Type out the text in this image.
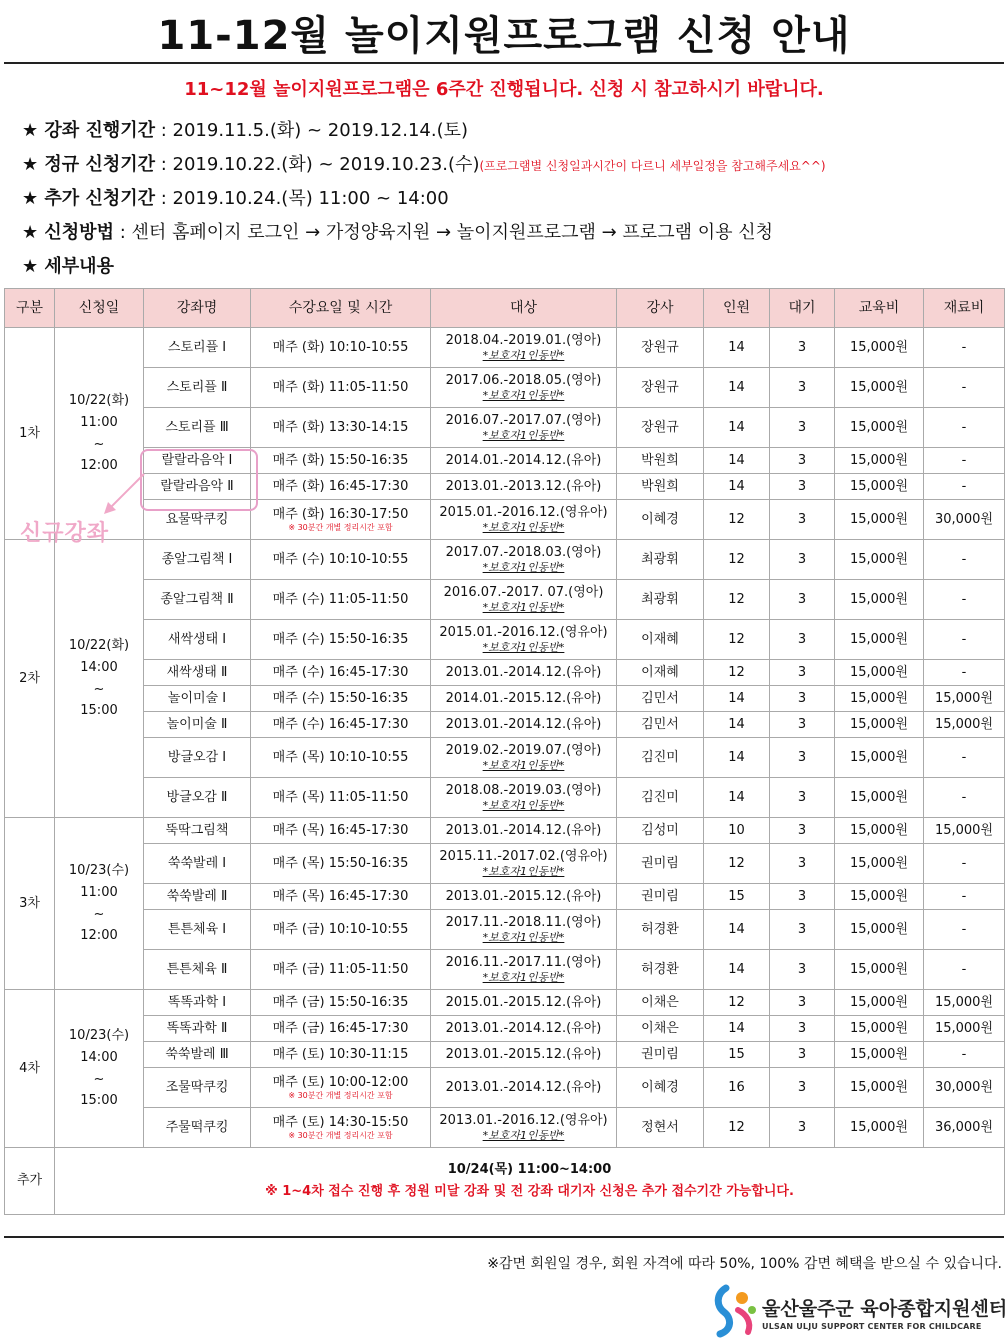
11-12월 놀이지원프로그램 신청 안내
11~12월 놀이지원프로그램은 6주간 진행됩니다. 신청 시 참고하시기 바랍니다.
★ 강좌 진행기간 : 2019.11.5.(화) ~ 2019.12.14.(토)
★ 정규 신청기간 : 2019.10.22.(화) ~ 2019.10.23.(수)(프로그램별 신청일과시간이 다르니 세부일정을 참고해주세요^^)
★ 추가 신청기간 : 2019.10.24.(목) 11:00 ~ 14:00
★ 신청방법 : 센터 홈페이지 로그인 → 가정양육지원 → 놀이지원프로그램 → 프로그램 이용 신청
★ 세부내용
구분	신청일	강좌명	수강요일 및 시간	대상	강사	인원	대기	교육비	재료비
1차	10/22(화)
11:00
~
12:00	스토리플 Ⅰ	매주 (화) 10:10-10:55	2018.04.-2019.01.(영아)
*보호자1인동반*	장원규	14	3	15,000원	-
		스토리플 Ⅱ	매주 (화) 11:05-11:50	2017.06.-2018.05.(영아)
*보호자1인동반*	장원규	14	3	15,000원	-
		스토리플 Ⅲ	매주 (화) 13:30-14:15	2016.07.-2017.07.(영아)
*보호자1인동반*	장원규	14	3	15,000원	-
		랄랄라음악 Ⅰ	매주 (화) 15:50-16:35	2014.01.-2014.12.(유아)	박원희	14	3	15,000원	-
		랄랄라음악 Ⅱ	매주 (화) 16:45-17:30	2013.01.-2013.12.(유아)	박원희	14	3	15,000원	-
		요물딱쿠킹	매주 (화) 16:30-17:50
※ 30분간 개별 정리시간 포함	2015.01.-2016.12.(영유아)
*보호자1인동반*	이혜경	12	3	15,000원	30,000원
2차	10/22(화)
14:00
~
15:00	종알그림책 Ⅰ	매주 (수) 10:10-10:55	2017.07.-2018.03.(영아)
*보호자1인동반*	최광휘	12	3	15,000원	-
		종알그림책 Ⅱ	매주 (수) 11:05-11:50	2016.07.-2017. 07.(영아)
*보호자1인동반*	최광휘	12	3	15,000원	-
		새싹생태 Ⅰ	매주 (수) 15:50-16:35	2015.01.-2016.12.(영유아)
*보호자1인동반*	이재혜	12	3	15,000원	-
		새싹생태 Ⅱ	매주 (수) 16:45-17:30	2013.01.-2014.12.(유아)	이재혜	12	3	15,000원	-
		놀이미술 Ⅰ	매주 (수) 15:50-16:35	2014.01.-2015.12.(유아)	김민서	14	3	15,000원	15,000원
		놀이미술 Ⅱ	매주 (수) 16:45-17:30	2013.01.-2014.12.(유아)	김민서	14	3	15,000원	15,000원
		방글오감 Ⅰ	매주 (목) 10:10-10:55	2019.02.-2019.07.(영아)
*보호자1인동반*	김진미	14	3	15,000원	-
		방글오감 Ⅱ	매주 (목) 11:05-11:50	2018.08.-2019.03.(영아)
*보호자1인동반*	김진미	14	3	15,000원	-
3차	10/23(수)
11:00
~
12:00	뚝딱그림책	매주 (목) 16:45-17:30	2013.01.-2014.12.(유아)	김성미	10	3	15,000원	15,000원
		쑥쑥발레 Ⅰ	매주 (목) 15:50-16:35	2015.11.-2017.02.(영유아)
*보호자1인동반*	권미림	12	3	15,000원	-
		쑥쑥발레 Ⅱ	매주 (목) 16:45-17:30	2013.01.-2015.12.(유아)	권미림	15	3	15,000원	-
		튼튼체육 Ⅰ	매주 (금) 10:10-10:55	2017.11.-2018.11.(영아)
*보호자1인동반*	허경환	14	3	15,000원	-
		튼튼체육 Ⅱ	매주 (금) 11:05-11:50	2016.11.-2017.11.(영아)
*보호자1인동반*	허경환	14	3	15,000원	-
4차	10/23(수)
14:00
~
15:00	똑똑과학 Ⅰ	매주 (금) 15:50-16:35	2015.01.-2015.12.(유아)	이채은	12	3	15,000원	15,000원
		똑똑과학 Ⅱ	매주 (금) 16:45-17:30	2013.01.-2014.12.(유아)	이채은	14	3	15,000원	15,000원
		쑥쑥발레 Ⅲ	매주 (토) 10:30-11:15	2013.01.-2015.12.(유아)	권미림	15	3	15,000원	-
		조물딱쿠킹	매주 (토) 10:00-12:00
※ 30분간 개별 정리시간 포함	2013.01.-2014.12.(유아)	이혜경	16	3	15,000원	30,000원
		주물떡쿠킹	매주 (토) 14:30-15:50
※ 30분간 개별 정리시간 포함	2013.01.-2016.12.(영유아)
*보호자1인동반*	정현서	12	3	15,000원	36,000원
추가	10/24(목) 11:00~14:00
※ 1~4차 접수 진행 후 정원 미달 강좌 및 전 강좌 대기자 신청은 추가 접수기간 가능합니다.								
신규강좌
※감면 회원일 경우, 회원 자격에 따라 50%, 100% 감면 혜택을 받으실 수 있습니다.
울산울주군 육아종합지원센터
ULSAN ULJU SUPPORT CENTER FOR CHILDCARE
